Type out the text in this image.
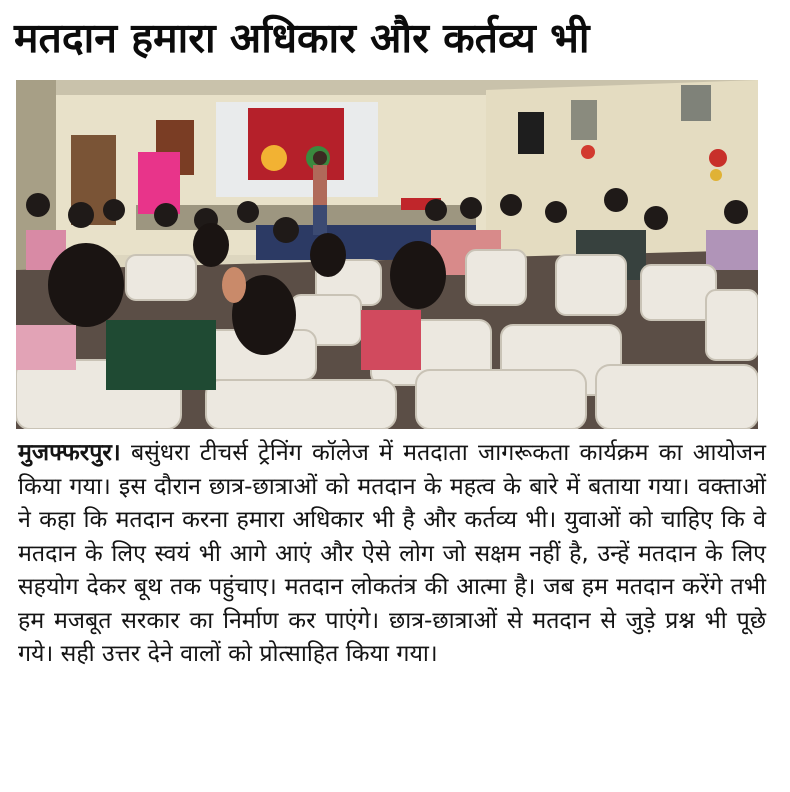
मतदान हमारा अधिकार और कर्तव्य भी

मुजफ्फरपुर। बसुंधरा टीचर्स ट्रेनिंग कॉलेज में मतदाता जागरूकता कार्यक्रम का आयोजन किया गया। इस दौरान छात्र-छात्राओं को मतदान के महत्व के बारे में बताया गया। वक्ताओं ने कहा कि मतदान करना हमारा अधिकार भी है और कर्तव्य भी। युवाओं को चाहिए कि वे मतदान के लिए स्वयं भी आगे आएं और ऐसे लोग जो सक्षम नहीं है, उन्हें मतदान के लिए सहयोग देकर बूथ तक पहुंचाए। मतदान लोकतंत्र की आत्मा है। जब हम मतदान करेंगे तभी हम मजबूत सरकार का निर्माण कर पाएंगे। छात्र-छात्राओं से मतदान से जुड़े प्रश्न भी पूछे गये। सही उत्तर देने वालों को प्रोत्साहित किया गया।
